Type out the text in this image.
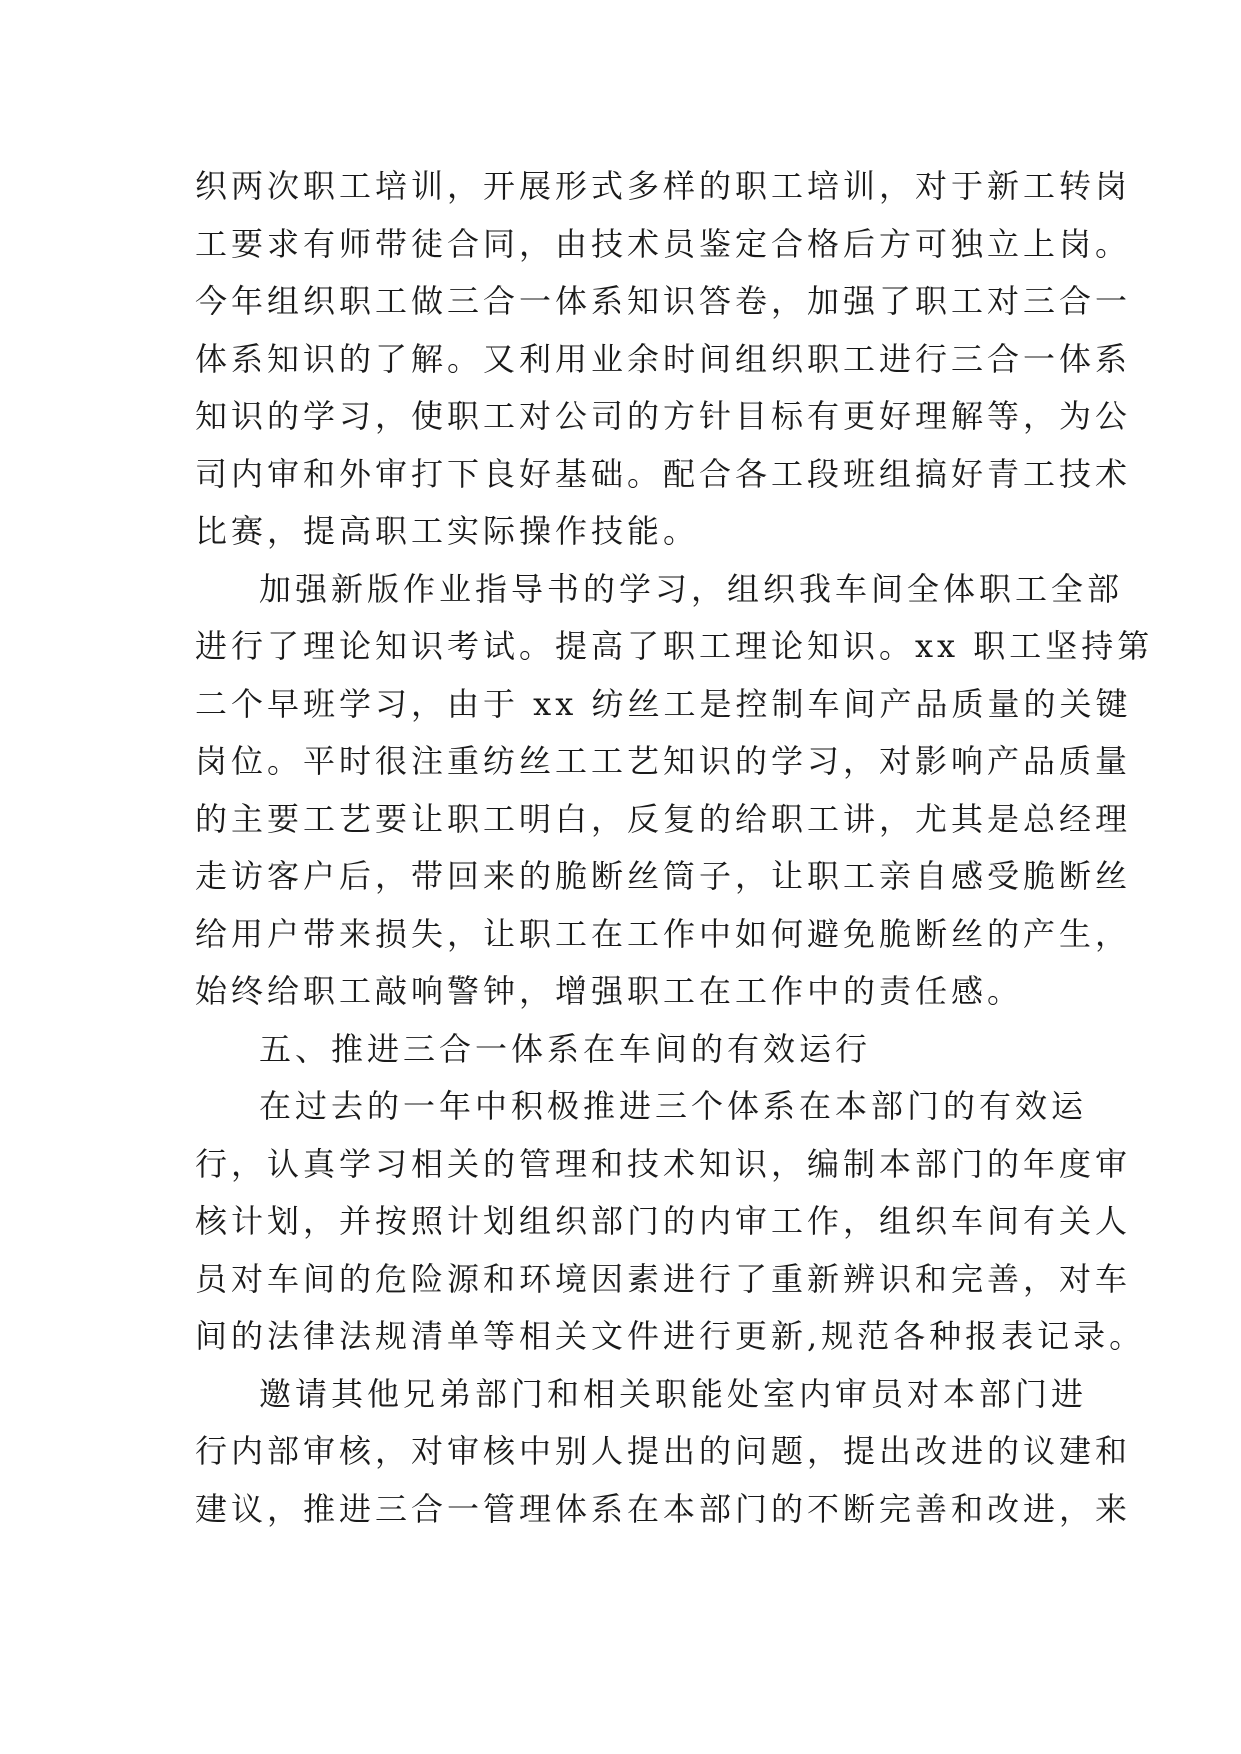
织两次职工培训，开展形式多样的职工培训，对于新工转岗
工要求有师带徒合同，由技术员鉴定合格后方可独立上岗。
今年组织职工做三合一体系知识答卷，加强了职工对三合一
体系知识的了解。又利用业余时间组织职工进行三合一体系
知识的学习，使职工对公司的方针目标有更好理解等，为公
司内审和外审打下良好基础。配合各工段班组搞好青工技术
比赛，提高职工实际操作技能。
加强新版作业指导书的学习，组织我车间全体职工全部
进行了理论知识考试。提高了职工理论知识。xx 职工坚持第
二个早班学习，由于 xx 纺丝工是控制车间产品质量的关键
岗位。平时很注重纺丝工工艺知识的学习，对影响产品质量
的主要工艺要让职工明白，反复的给职工讲，尤其是总经理
走访客户后，带回来的脆断丝筒子，让职工亲自感受脆断丝
给用户带来损失，让职工在工作中如何避免脆断丝的产生，
始终给职工敲响警钟，增强职工在工作中的责任感。
五、推进三合一体系在车间的有效运行
在过去的一年中积极推进三个体系在本部门的有效运
行，认真学习相关的管理和技术知识，编制本部门的年度审
核计划，并按照计划组织部门的内审工作，组织车间有关人
员对车间的危险源和环境因素进行了重新辨识和完善，对车
间的法律法规清单等相关文件进行更新,规范各种报表记录。
邀请其他兄弟部门和相关职能处室内审员对本部门进
行内部审核，对审核中别人提出的问题，提出改进的议建和
建议，推进三合一管理体系在本部门的不断完善和改进，来
